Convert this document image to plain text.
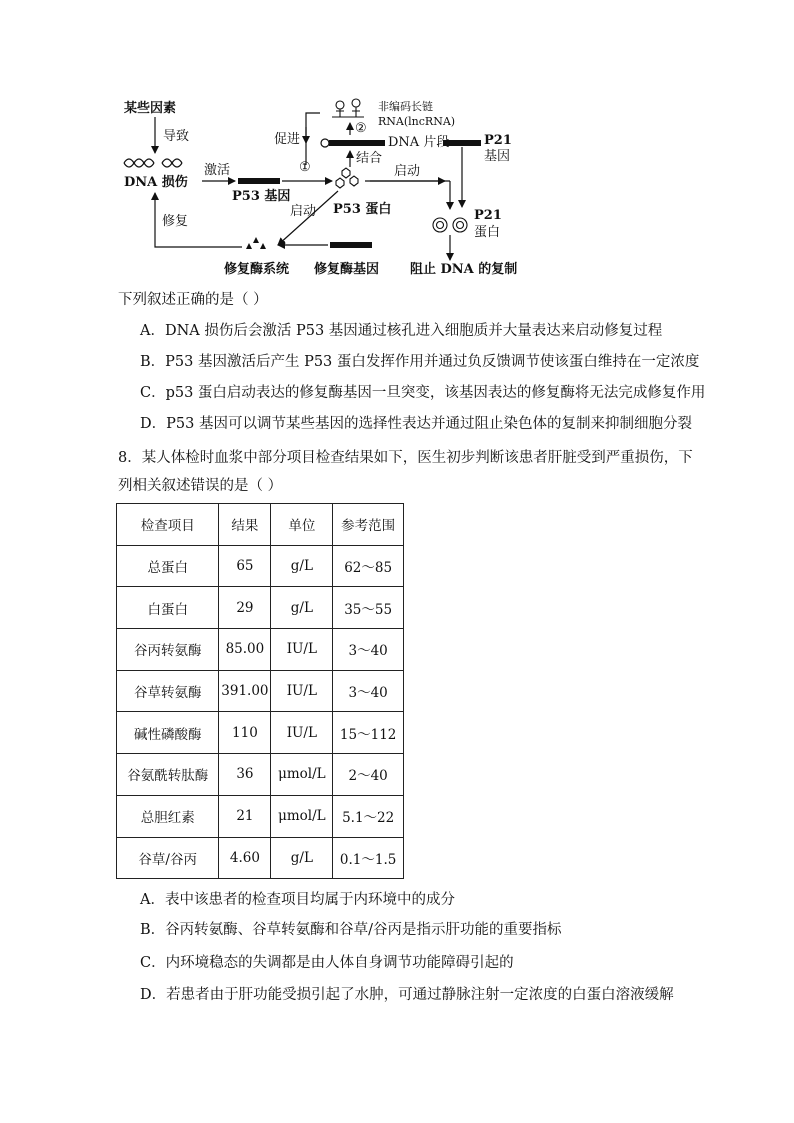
某些因素
导致
DNA 损伤
激活
P53 基因
促进
①
②
非编码长链
RNA(lncRNA)
DNA 片段	P21
基因
结合
启动
启动 P53 蛋白	P21
蛋白
修复
修复酶系统 修复酶基因 阻止 DNA 的复制
下列叙述正确的是（ ）
A．DNA 损伤后会激活 P53 基因通过核孔进入细胞质并大量表达来启动修复过程
B．P53 基因激活后产生 P53 蛋白发挥作用并通过负反馈调节使该蛋白维持在一定浓度
C．p53 蛋白启动表达的修复酶基因一旦突变，该基因表达的修复酶将无法完成修复作用
D．P53 基因可以调节某些基因的选择性表达并通过阻止染色体的复制来抑制细胞分裂
8．某人体检时血浆中部分项目检查结果如下，医生初步判断该患者肝脏受到严重损伤，下
列相关叙述错误的是（ ）
检查项目	结果	单位	参考范围
总蛋白	65	g/L	62～85
白蛋白	29	g/L	35～55
谷丙转氨酶	85.00	IU/L	3～40
谷草转氨酶	391.00	IU/L	3～40
碱性磷酸酶	110	IU/L	15～112
谷氨酰转肽酶	36	μmol/L	2～40
总胆红素	21	μmol/L	5.1～22
谷草/谷丙	4.60	g/L	0.1～1.5
A．表中该患者的检查项目均属于内环境中的成分
B．谷丙转氨酶、谷草转氨酶和谷草/谷丙是指示肝功能的重要指标
C．内环境稳态的失调都是由人体自身调节功能障碍引起的
D．若患者由于肝功能受损引起了水肿，可通过静脉注射一定浓度的白蛋白溶液缓解
